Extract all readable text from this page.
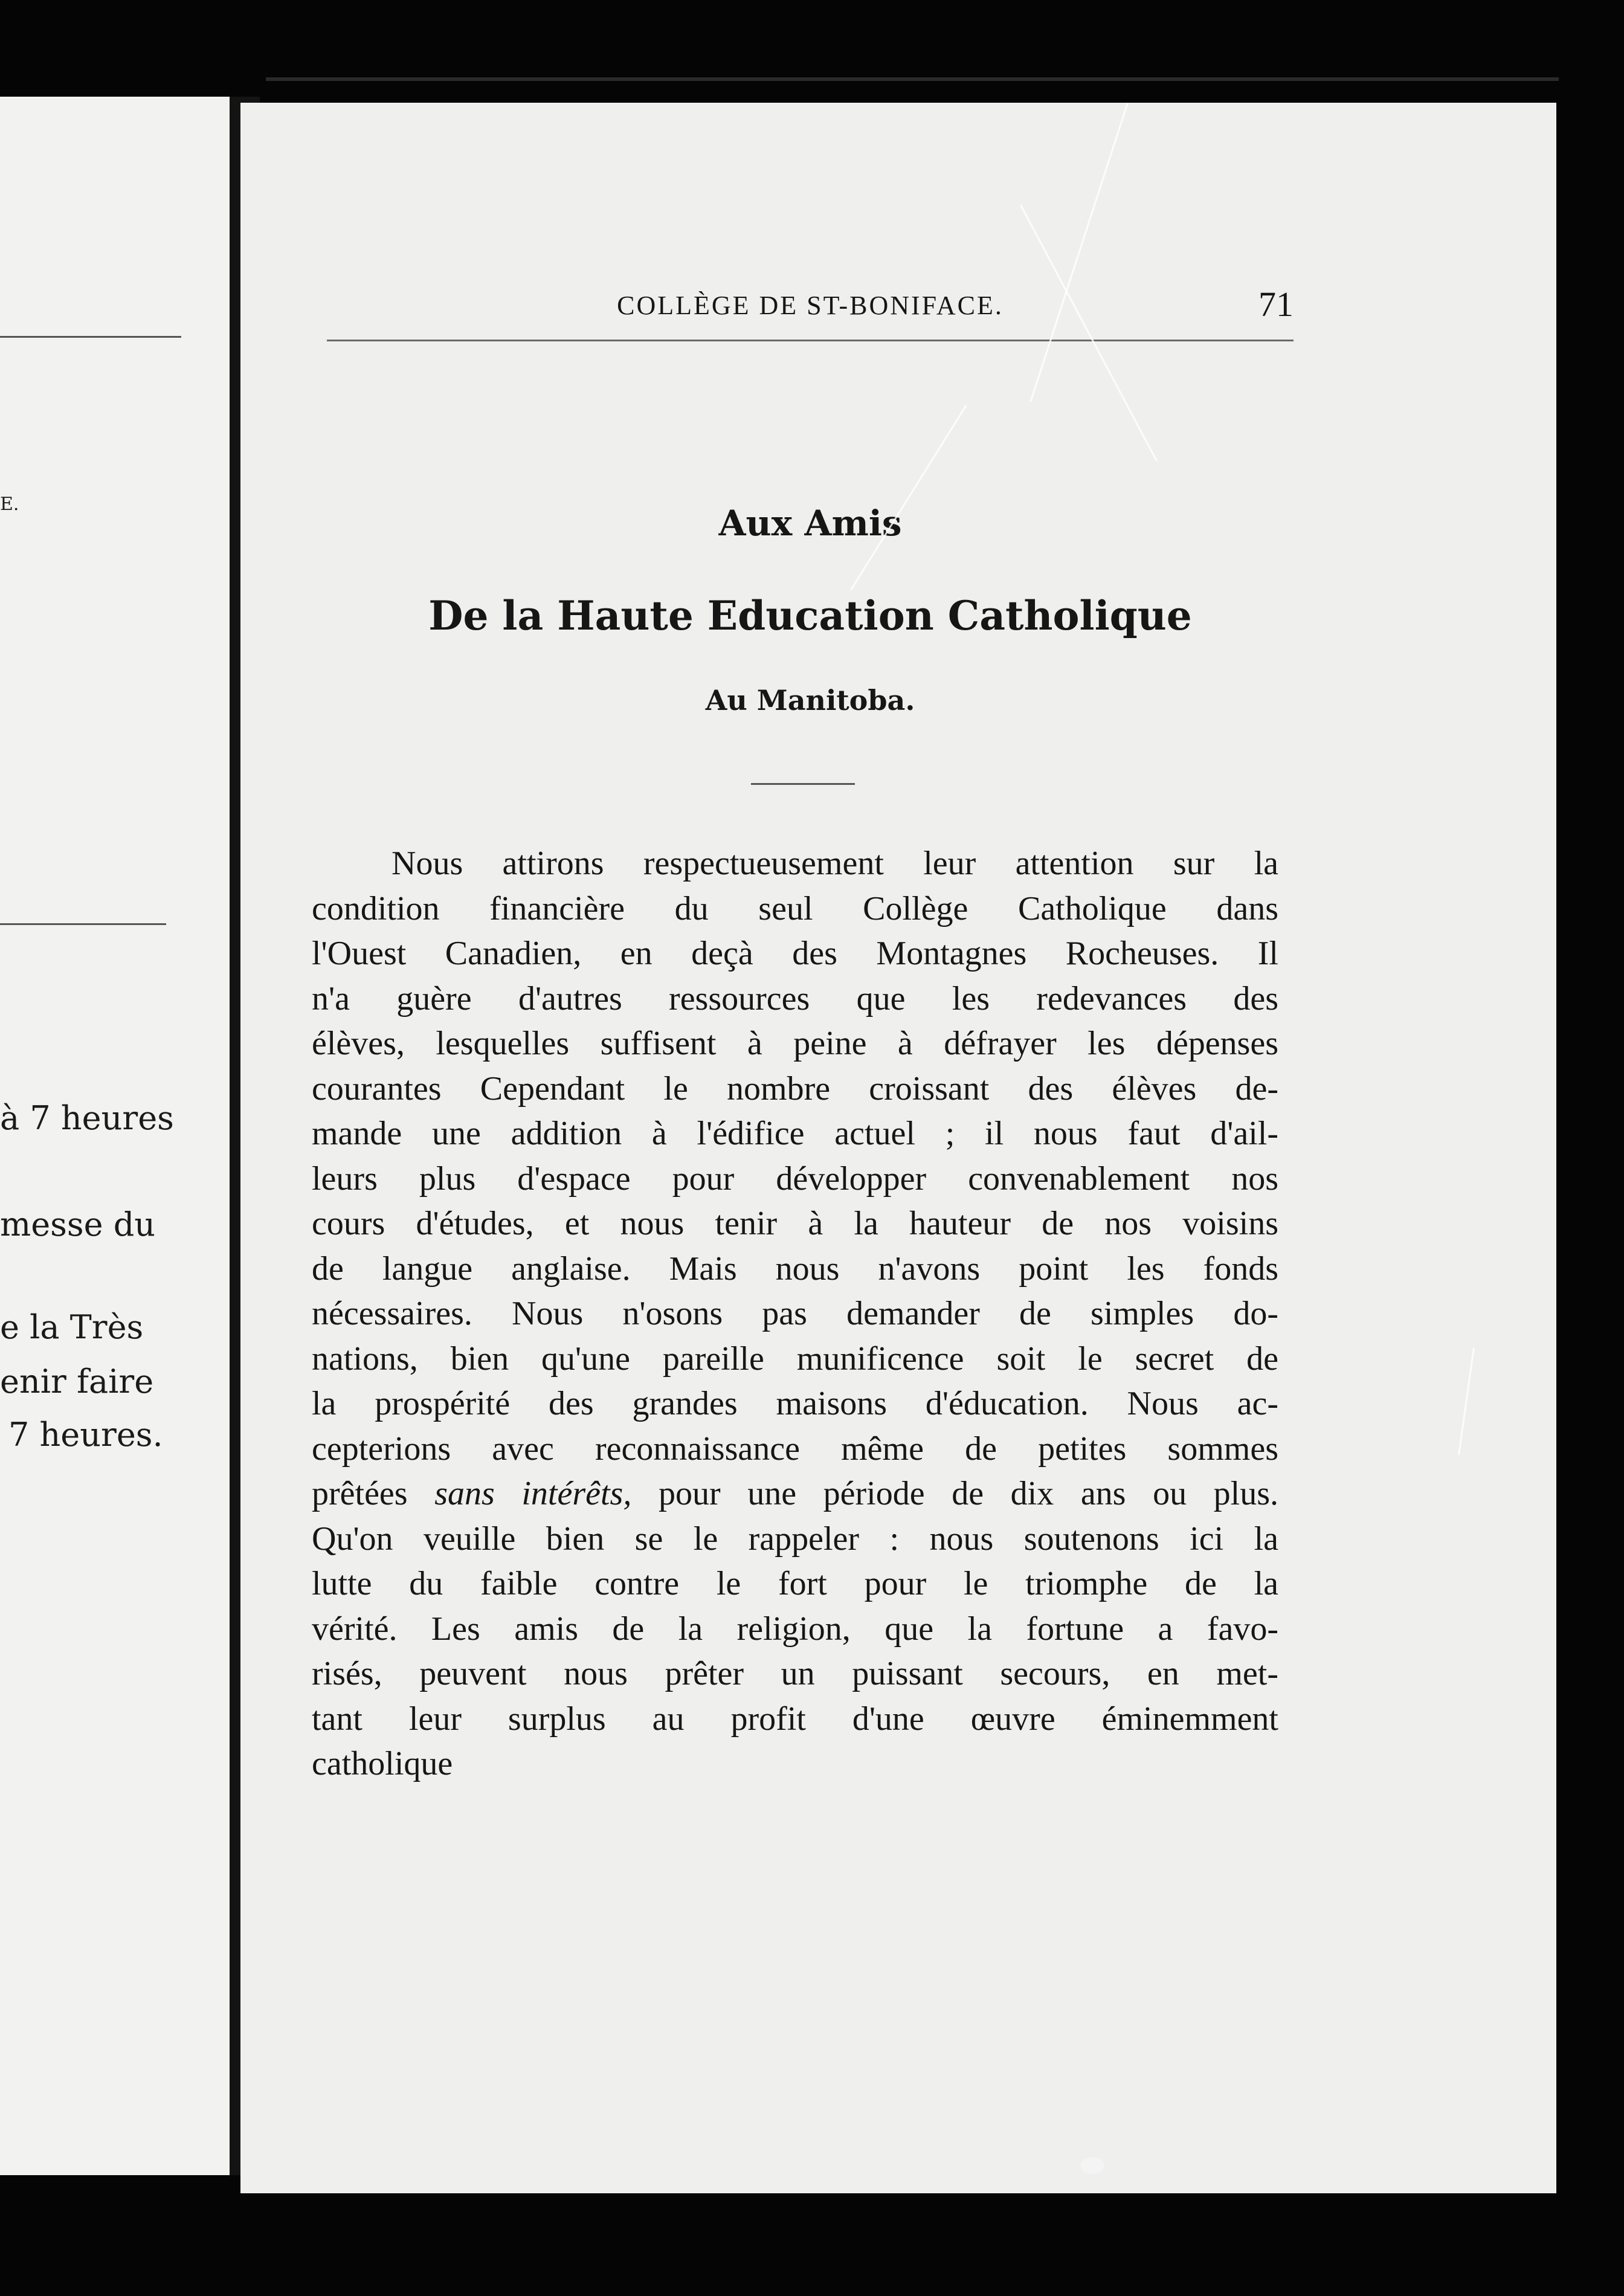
E.
à 7 heures
messe du
e la Très
enir faire
7 heures.
COLLÈGE DE ST-BONIFACE.	71
Aux Amis
De la Haute Education Catholique
Au Manitoba.
Nous attirons respectueusement leur attention sur la
condition financière du seul Collège Catholique dans
l'Ouest Canadien, en deçà des Montagnes Rocheuses. Il
n'a guère d'autres ressources que les redevances des
élèves, lesquelles suffisent à peine à défrayer les dépenses
courantes Cependant le nombre croissant des élèves de-
mande une addition à l'édifice actuel ; il nous faut d'ail-
leurs plus d'espace pour développer convenablement nos
cours d'études, et nous tenir à la hauteur de nos voisins
de langue anglaise. Mais nous n'avons point les fonds
nécessaires. Nous n'osons pas demander de simples do-
nations, bien qu'une pareille munificence soit le secret de
la prospérité des grandes maisons d'éducation. Nous ac-
cepterions avec reconnaissance même de petites sommes
prêtées sans intérêts, pour une période de dix ans ou plus.
Qu'on veuille bien se le rappeler : nous soutenons ici la
lutte du faible contre le fort pour le triomphe de la
vérité. Les amis de la religion, que la fortune a favo-
risés, peuvent nous prêter un puissant secours, en met-
tant leur surplus au profit d'une œuvre éminemment
catholique
